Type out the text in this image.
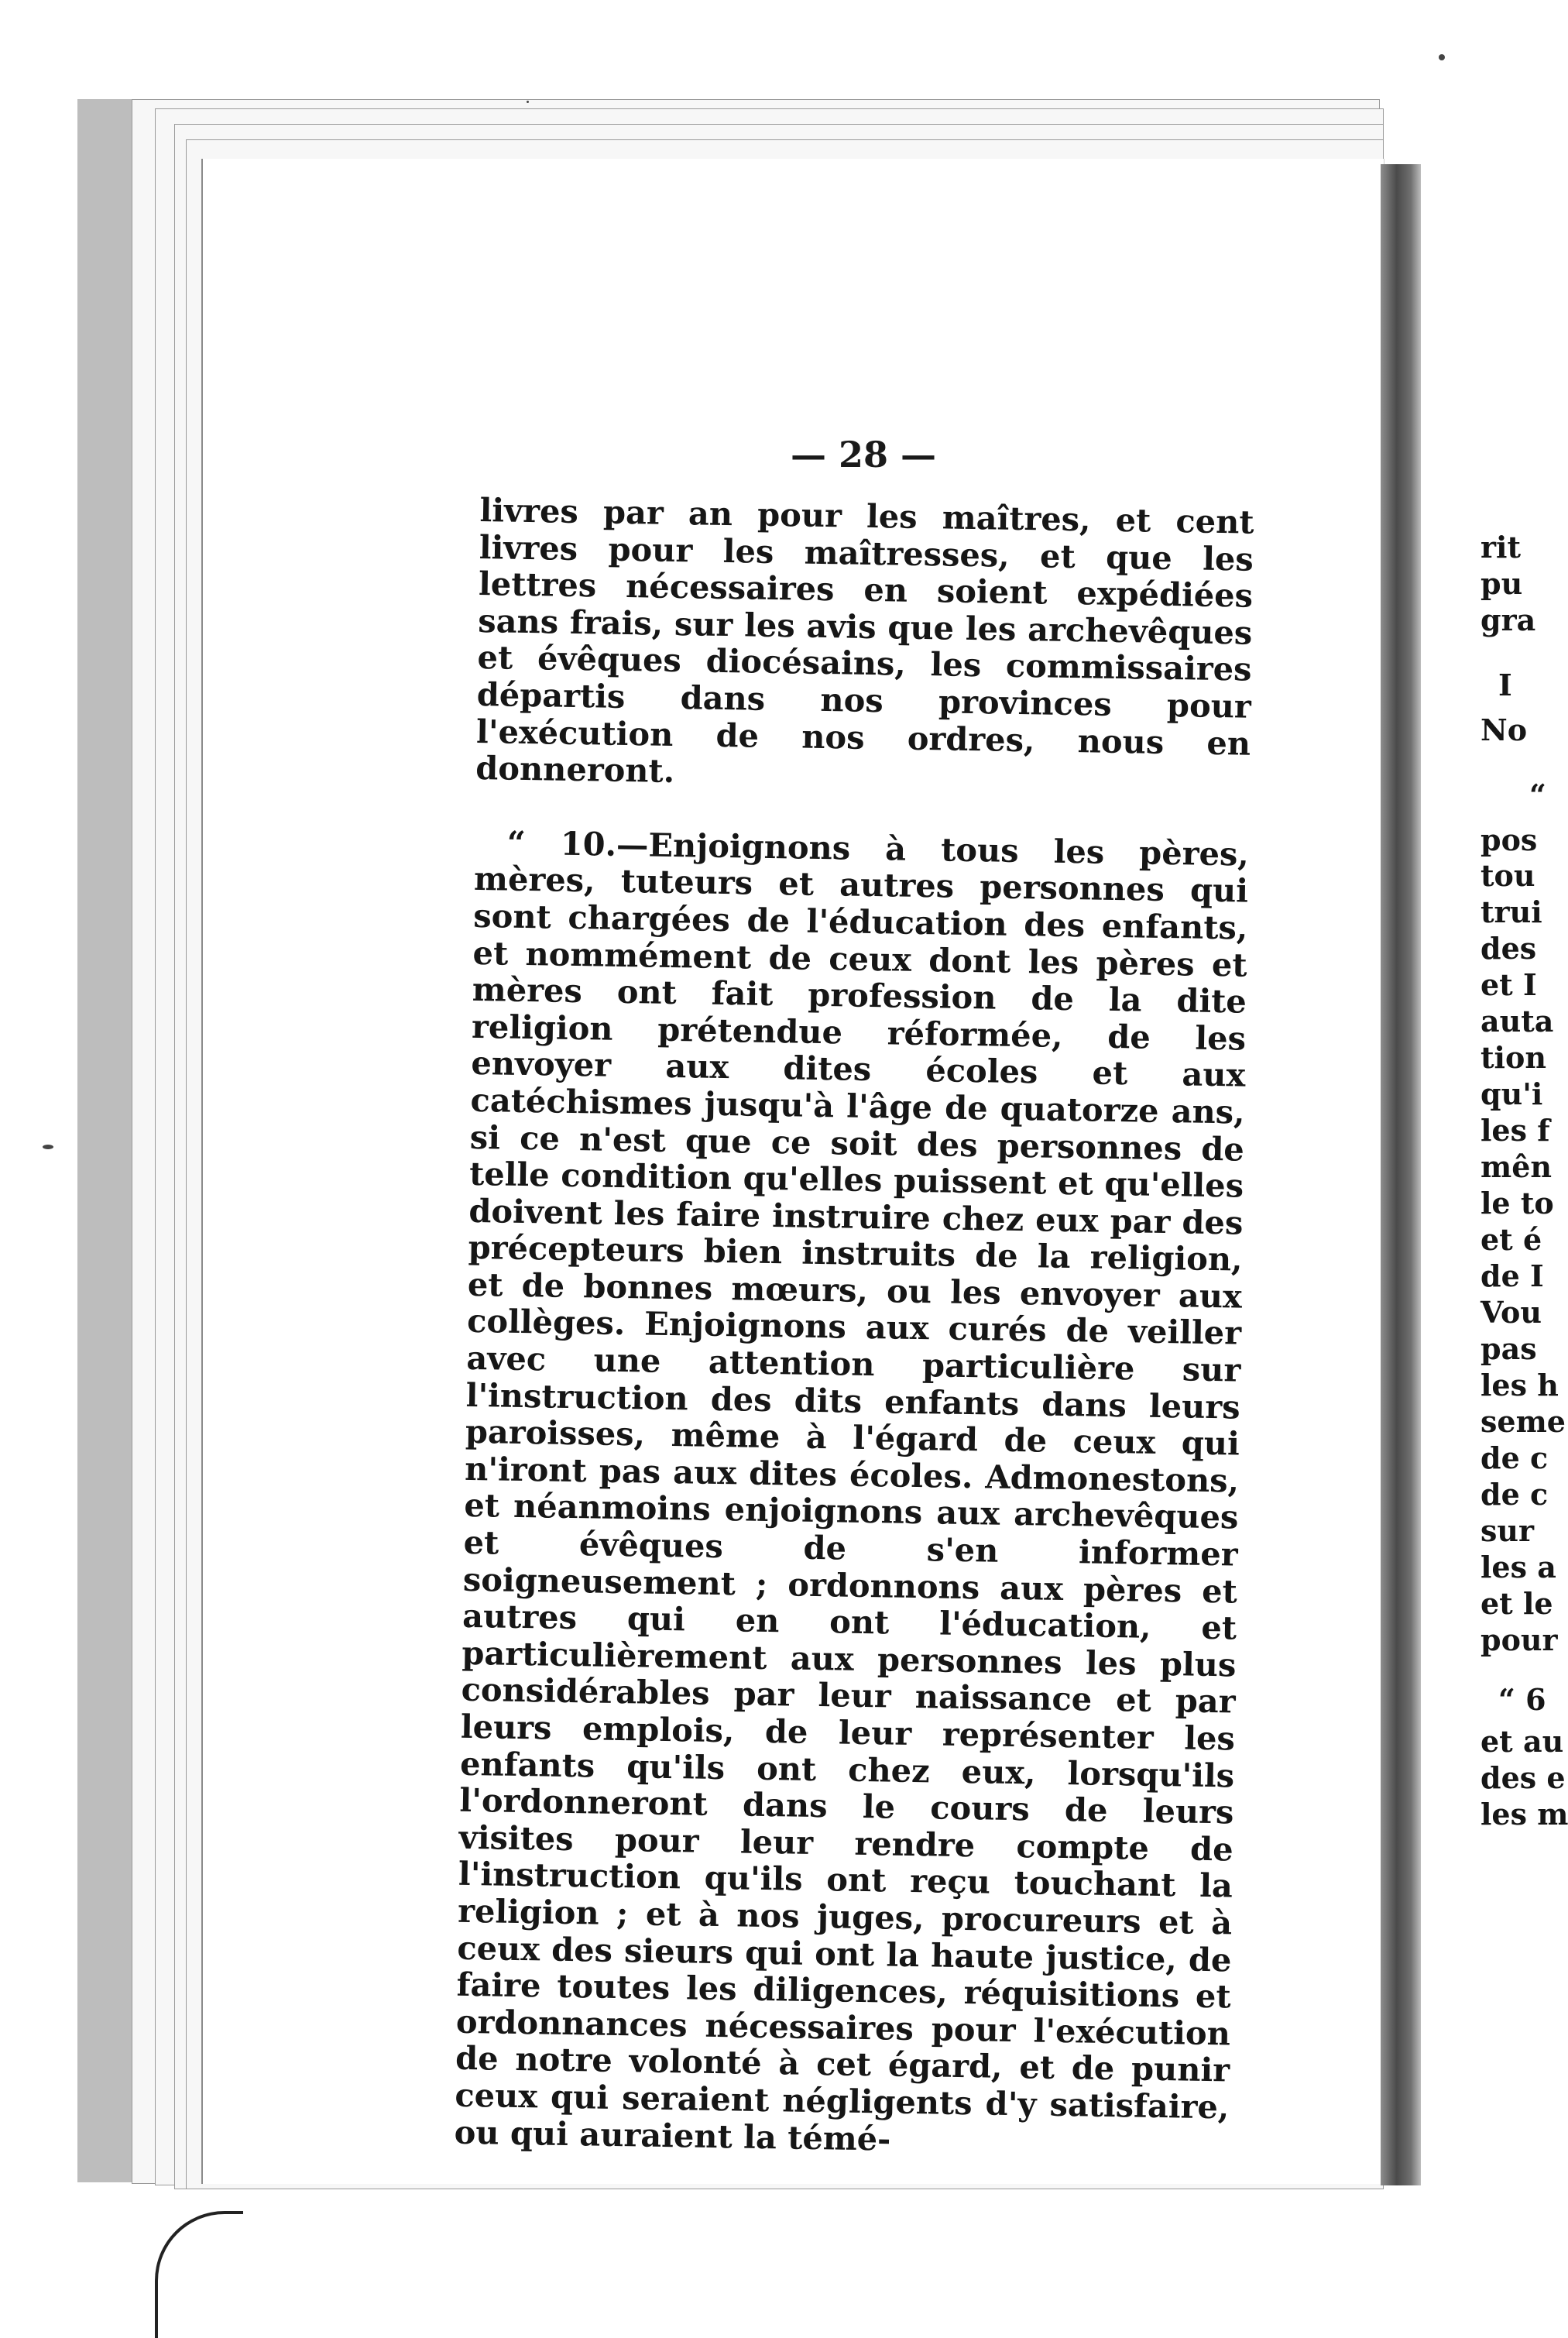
— 28 —

livres par an pour les maîtres, et cent livres pour les maîtresses, et que les lettres nécessaires en soient expédiées sans frais, sur les avis que les archevêques et évêques diocésains, les commissaires départis dans nos provinces pour l'exécution de nos ordres, nous en donneront.

“ 10.—Enjoignons à tous les pères, mères, tuteurs et autres personnes qui sont chargées de l'éducation des enfants, et nommément de ceux dont les pères et mères ont fait profession de la dite religion prétendue réformée, de les envoyer aux dites écoles et aux catéchismes jusqu'à l'âge de quatorze ans, si ce n'est que ce soit des personnes de telle condition qu'elles puissent et qu'elles doivent les faire instruire chez eux par des précepteurs bien instruits de la religion, et de bonnes mœurs, ou les envoyer aux collèges. Enjoignons aux curés de veiller avec une attention particulière sur l'instruction des dits enfants dans leurs paroisses, même à l'égard de ceux qui n'iront pas aux dites écoles. Admonestons, et néanmoins enjoignons aux archevêques et évêques de s'en informer soigneusement ; ordonnons aux pères et autres qui en ont l'éducation, et particulièrement aux personnes les plus considérables par leur naissance et par leurs emplois, de leur représenter les enfants qu'ils ont chez eux, lorsqu'ils l'ordonneront dans le cours de leurs visites pour leur rendre compte de l'instruction qu'ils ont reçu touchant la religion ; et à nos juges, procureurs et à ceux des sieurs qui ont la haute justice, de faire toutes les diligences, réquisitions et ordonnances nécessaires pour l'exécution de notre volonté à cet égard, et de punir ceux qui seraient négligents d'y satisfaire, ou qui auraient la témé-

rit
pu
gra
I
No
“
pos
tou
trui
des
et I
auta
tion
qu'i
les f
mên
le to
et é
de I
Vou
pas
les h
seme
de c
de c
sur
les a
et le
pour
“ 6
et au
des e
les m
